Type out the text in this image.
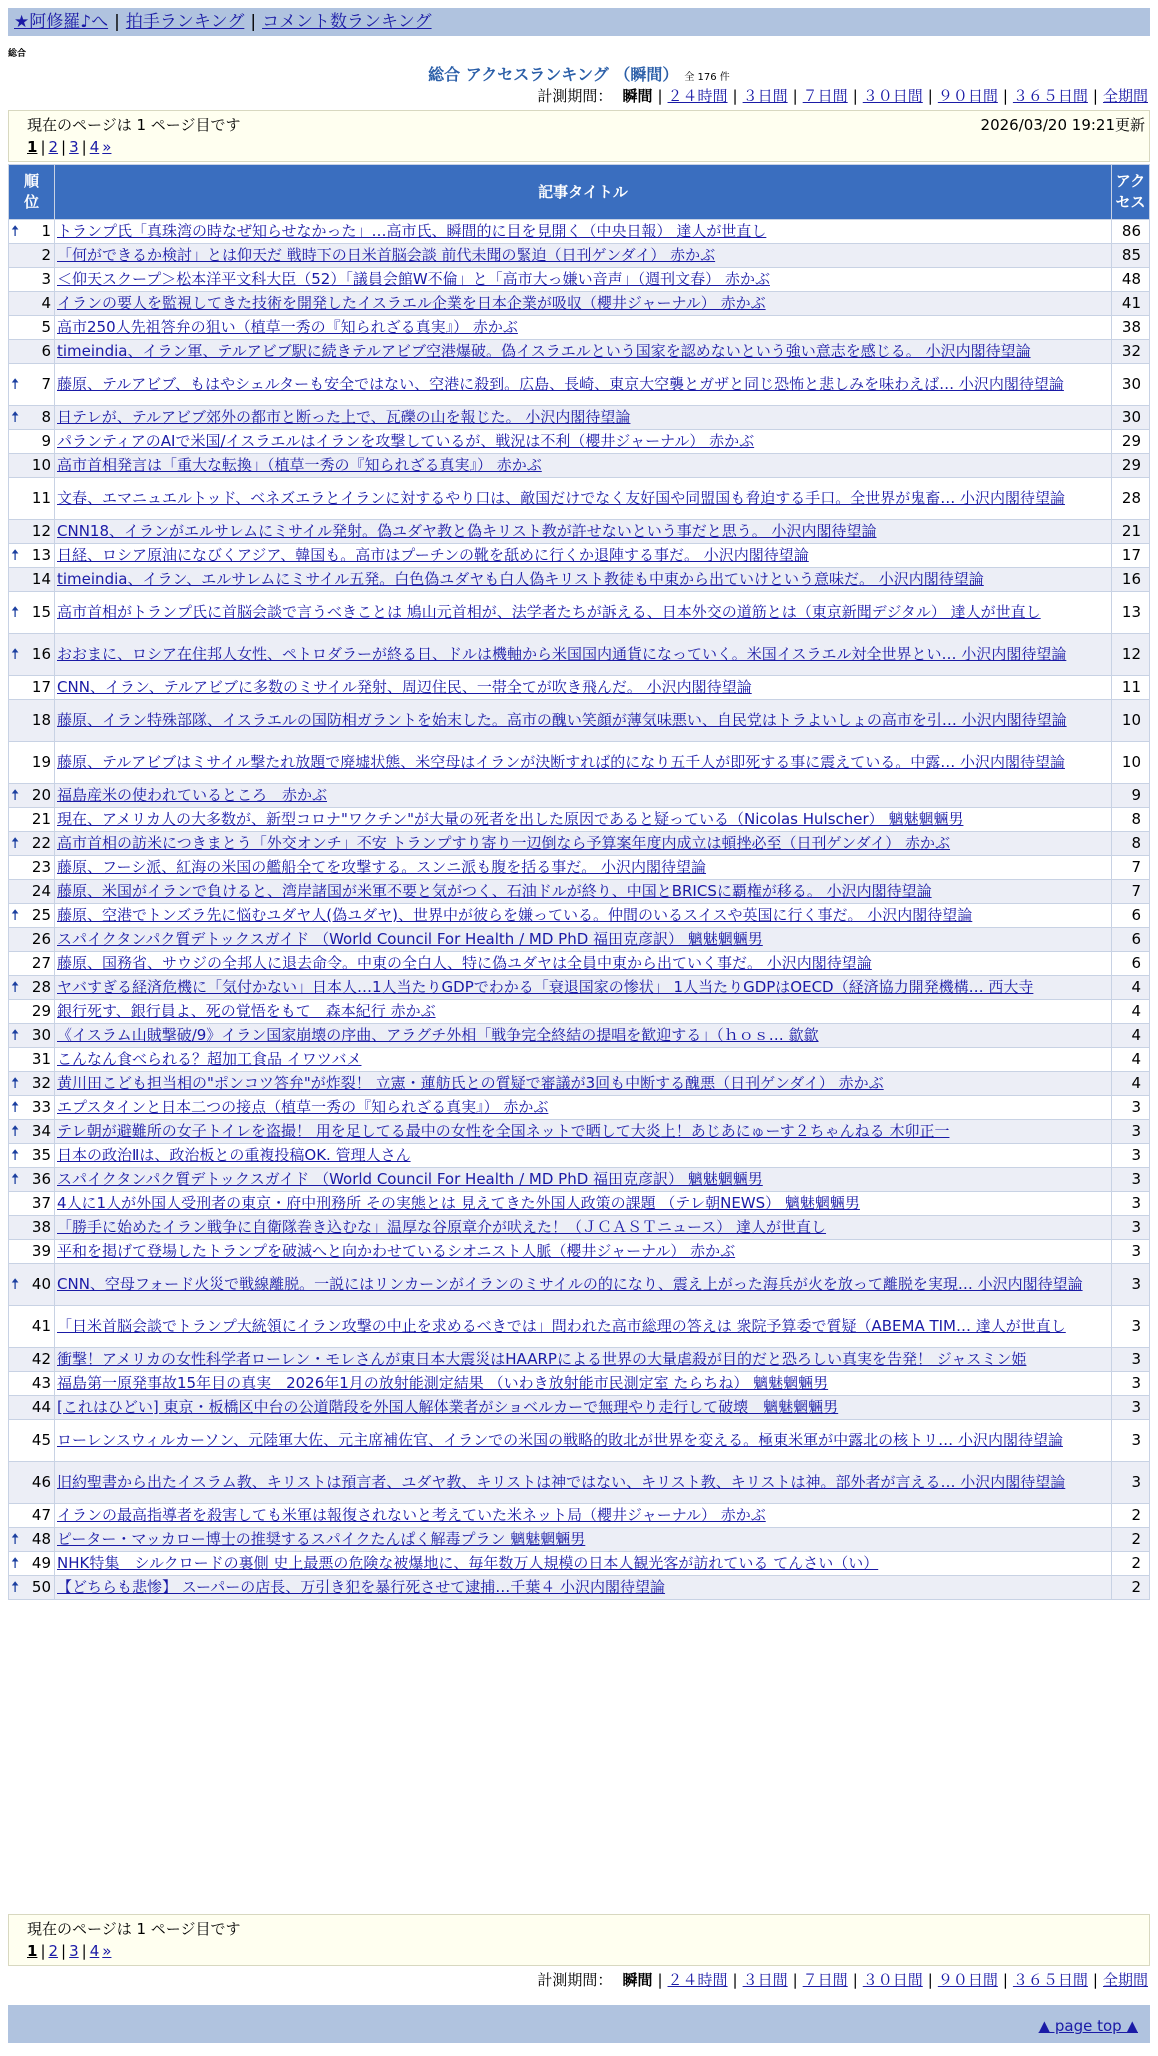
★阿修羅♪へ | 拍手ランキング | コメント数ランキング
総合
総合 アクセスランキング （瞬間） 全 176 件
計測期間： 瞬間 | ２４時間 | ３日間 | ７日間 | ３０日間 | ９０日間 | ３６５日間 | 全期間
現在のページは 1 ページ目です	2026/03/20 19:21更新
1 | 2 | 3 | 4 »
順位	記事タイトル	アクセス

🠅 1	トランプ氏「真珠湾の時なぜ知らせなかった」…高市氏、瞬間的に目を見開く（中央日報） 達人が世直し	86
2	「何ができるか検討」とは仰天だ 戦時下の日米首脳会談 前代未聞の緊迫（日刊ゲンダイ） 赤かぶ	85
3	＜仰天スクープ＞松本洋平文科大臣（52）「議員会館W不倫」と「高市大っ嫌い音声」（週刊文春） 赤かぶ	48
4	イランの要人を監視してきた技術を開発したイスラエル企業を日本企業が吸収（櫻井ジャーナル） 赤かぶ	41
5	高市250人先祖答弁の狙い（植草一秀の『知られざる真実』） 赤かぶ	38
6	timeindia、イラン軍、テルアビブ駅に続きテルアビブ空港爆破。偽イスラエルという国家を認めないという強い意志を感じる。 小沢内閣待望論	32

🠅 7	藤原、テルアビブ、もはやシェルターも安全ではない、空港に殺到。広島、長崎、東京大空襲とガザと同じ恐怖と悲しみを味わえば… 小沢内閣待望論	30

🠅 8	日テレが、テルアビブ郊外の都市と断った上で、瓦礫の山を報じた。 小沢内閣待望論	30
9	パランティアのAIで米国/イスラエルはイランを攻撃しているが、戦況は不利（櫻井ジャーナル） 赤かぶ	29
10	高市首相発言は「重大な転換」（植草一秀の『知られざる真実』） 赤かぶ	29
11	文春、エマニュエルトッド、ベネズエラとイランに対するやり口は、敵国だけでなく友好国や同盟国も脅迫する手口。全世界が鬼畜… 小沢内閣待望論	28
12	CNN18、イランがエルサレムにミサイル発射。偽ユダヤ教と偽キリスト教が許せないという事だと思う。 小沢内閣待望論	21

🠅 13	日経、ロシア原油になびくアジア、韓国も。高市はプーチンの靴を舐めに行くか退陣する事だ。 小沢内閣待望論	17
14	timeindia、イラン、エルサレムにミサイル五発。白色偽ユダヤも白人偽キリスト教徒も中東から出ていけという意味だ。 小沢内閣待望論	16

🠅 15	高市首相がトランプ氏に首脳会談で言うべきことは 鳩山元首相が、法学者たちが訴える、日本外交の道筋とは（東京新聞デジタル） 達人が世直し	13

🠅 16	おおまに、ロシア在住邦人女性、ペトロダラーが終る日、ドルは機軸から米国国内通貨になっていく。米国イスラエル対全世界とい… 小沢内閣待望論	12
17	CNN、イラン、テルアビブに多数のミサイル発射、周辺住民、一帯全てが吹き飛んだ。 小沢内閣待望論	11
18	藤原、イラン特殊部隊、イスラエルの国防相ガラントを始末した。高市の醜い笑顔が薄気味悪い、自民党はトラよいしょの高市を引… 小沢内閣待望論	10
19	藤原、テルアビブはミサイル撃たれ放題で廃墟状態、米空母はイランが決断すれば的になり五千人が即死する事に震えている。中露… 小沢内閣待望論	10

🠅 20	福島産米の使われているところ　赤かぶ	9
21	現在、アメリカ人の大多数が、新型コロナ"ワクチン"が大量の死者を出した原因であると疑っている（Nicolas Hulscher） 魑魅魍魎男	8

🠅 22	高市首相の訪米につきまとう「外交オンチ」不安 トランプすり寄り一辺倒なら予算案年度内成立は頓挫必至（日刊ゲンダイ） 赤かぶ	8
23	藤原、フーシ派、紅海の米国の艦船全てを攻撃する。スンニ派も腹を括る事だ。 小沢内閣待望論	7
24	藤原、米国がイランで負けると、湾岸諸国が米軍不要と気がつく、石油ドルが終り、中国とBRICSに覇権が移る。 小沢内閣待望論	7

🠅 25	藤原、空港でトンズラ先に悩むユダヤ人(偽ユダヤ)、世界中が彼らを嫌っている。仲間のいるスイスや英国に行く事だ。 小沢内閣待望論	6
26	スパイクタンパク質デトックスガイド （World Council For Health / MD PhD 福田克彦訳） 魑魅魍魎男	6
27	藤原、国務省、サウジの全邦人に退去命令。中東の全白人、特に偽ユダヤは全員中東から出ていく事だ。 小沢内閣待望論	6

🠅 28	ヤバすぎる経済危機に「気付かない」日本人…1人当たりGDPでわかる「衰退国家の惨状」 1人当たりGDPはOECD（経済協力開発機構… 西大寺	4
29	銀行死す、銀行員よ、死の覚悟をもて　森本紀行 赤かぶ	4

🠅 30	《イスラム山賊撃破/9》イラン国家崩壊の序曲、アラグチ外相「戦争完全終結の提唱を歓迎する」（ｈｏｓ… 歙歙	4
31	こんなん食べられる？超加工食品 イワツバメ	4

🠅 32	黄川田こども担当相の"ポンコツ答弁"が炸裂！ 立憲・蓮舫氏との質疑で審議が3回も中断する醜悪（日刊ゲンダイ） 赤かぶ	4

🠅 33	エプスタインと日本二つの接点（植草一秀の『知られざる真実』） 赤かぶ	3

🠅 34	テレ朝が避難所の女子トイレを盗撮！ 用を足してる最中の女性を全国ネットで晒して大炎上！あじあにゅーす２ちゃんねる 木卯正一	3

🠅 35	日本の政治Ⅱは、政治板との重複投稿OK. 管理人さん	3

🠅 36	スパイクタンパク質デトックスガイド （World Council For Health / MD PhD 福田克彦訳） 魑魅魍魎男	3
37	4人に1人が外国人受刑者の東京・府中刑務所 その実態とは 見えてきた外国人政策の課題 （テレ朝NEWS） 魑魅魍魎男	3
38	「勝手に始めたイラン戦争に自衛隊巻き込むな」温厚な谷原章介が吠えた！（ＪＣＡＳＴニュース） 達人が世直し	3
39	平和を掲げて登場したトランプを破滅へと向かわせているシオニスト人脈（櫻井ジャーナル） 赤かぶ	3

🠅 40	CNN、空母フォード火災で戦線離脱。一説にはリンカーンがイランのミサイルの的になり、震え上がった海兵が火を放って離脱を実現… 小沢内閣待望論	3
41	「日米首脳会談でトランプ大統領にイラン攻撃の中止を求めるべきでは」問われた高市総理の答えは 衆院予算委で質疑（ABEMA TIM… 達人が世直し	3
42	衝撃！アメリカの女性科学者ローレン・モレさんが東日本大震災はHAARPによる世界の大量虐殺が目的だと恐ろしい真実を告発！ ジャスミン姫	3
43	福島第一原発事故15年目の真実　2026年1月の放射能測定結果 （いわき放射能市民測定室 たらちね） 魑魅魍魎男	3
44	[これはひどい] 東京・板橋区中台の公道階段を外国人解体業者がショベルカーで無理やり走行して破壊　魑魅魍魎男	3
45	ローレンスウィルカーソン、元陸軍大佐、元主席補佐官、イランでの米国の戦略的敗北が世界を変える。極東米軍が中露北の核トリ… 小沢内閣待望論	3
46	旧約聖書から出たイスラム教、キリストは預言者、ユダヤ教、キリストは神ではない、キリスト教、キリストは神。部外者が言える… 小沢内閣待望論	3
47	イランの最高指導者を殺害しても米軍は報復されないと考えていた米ネット局（櫻井ジャーナル） 赤かぶ	2

🠅 48	ピーター・マッカロー博士の推奨するスパイクたんぱく解毒プラン 魑魅魍魎男	2

🠅 49	NHK特集　シルクロードの裏側 史上最悪の危険な被爆地に、毎年数万人規模の日本人観光客が訪れている てんさい（い）	2

🠅 50	【どちらも悲惨】 スーパーの店長、万引き犯を暴行死させて逮捕…千葉４ 小沢内閣待望論	2
現在のページは 1 ページ目です
1 | 2 | 3 | 4 »
計測期間： 瞬間 | ２４時間 | ３日間 | ７日間 | ３０日間 | ９０日間 | ３６５日間 | 全期間
▲ page top ▲
